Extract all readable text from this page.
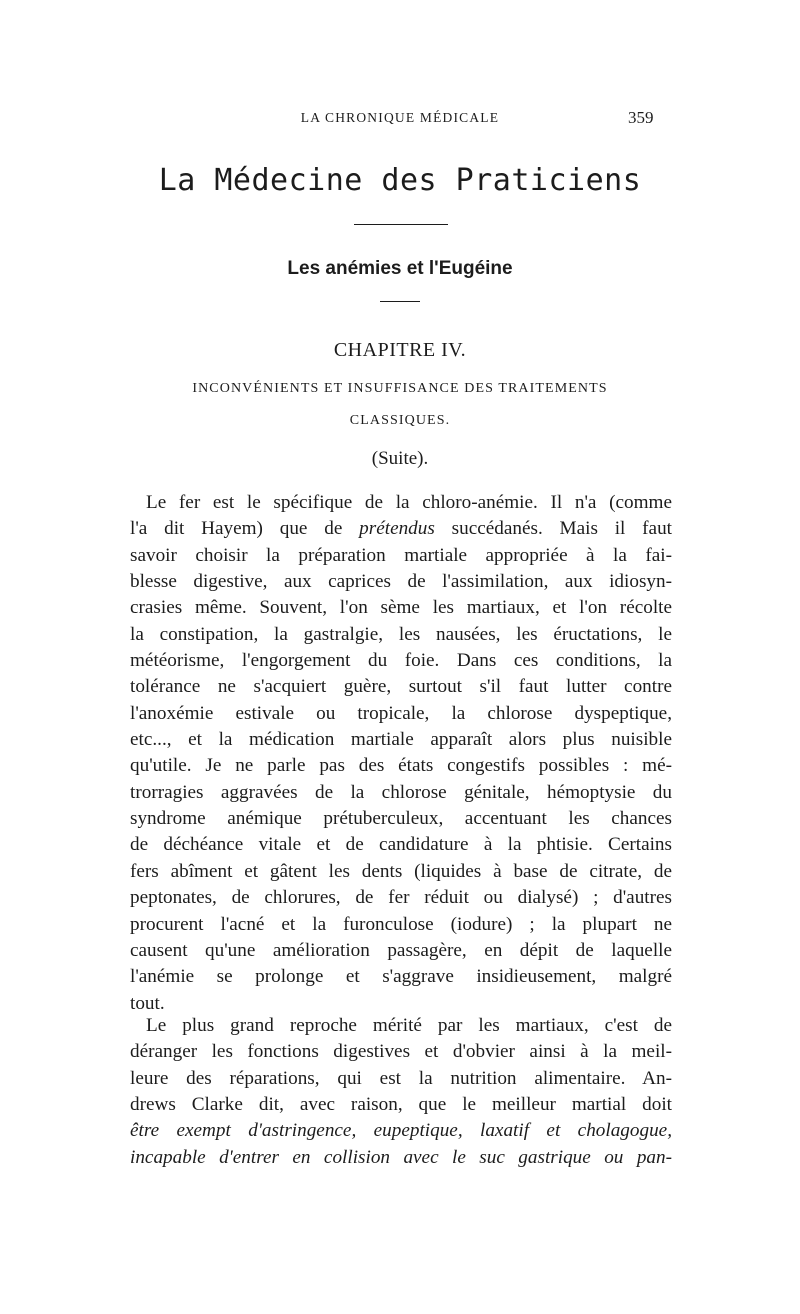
LA CHRONIQUE MÉDICALE	359
La Médecine des Praticiens
Les anémies et l'Eugéine
CHAPITRE IV.
INCONVÉNIENTS ET INSUFFISANCE DES TRAITEMENTS
CLASSIQUES.
(Suite).
Le fer est le spécifique de la chloro-anémie. Il n'a (comme
l'a dit Hayem) que de prétendus succédanés. Mais il faut
savoir choisir la préparation martiale appropriée à la fai-
blesse digestive, aux caprices de l'assimilation, aux idiosyn-
crasies même. Souvent, l'on sème les martiaux, et l'on récolte
la constipation, la gastralgie, les nausées, les éructations, le
météorisme, l'engorgement du foie. Dans ces conditions, la
tolérance ne s'acquiert guère, surtout s'il faut lutter contre
l'anoxémie estivale ou tropicale, la chlorose dyspeptique,
etc..., et la médication martiale apparaît alors plus nuisible
qu'utile. Je ne parle pas des états congestifs possibles : mé-
trorragies aggravées de la chlorose génitale, hémoptysie du
syndrome anémique prétuberculeux, accentuant les chances
de déchéance vitale et de candidature à la phtisie. Certains
fers abîment et gâtent les dents (liquides à base de citrate, de
peptonates, de chlorures, de fer réduit ou dialysé) ; d'autres
procurent l'acné et la furonculose (iodure) ; la plupart ne
causent qu'une amélioration passagère, en dépit de laquelle
l'anémie se prolonge et s'aggrave insidieusement, malgré
tout.
Le plus grand reproche mérité par les martiaux, c'est de
déranger les fonctions digestives et d'obvier ainsi à la meil-
leure des réparations, qui est la nutrition alimentaire. An-
drews Clarke dit, avec raison, que le meilleur martial doit
être exempt d'astringence, eupeptique, laxatif et cholagogue,
incapable d'entrer en collision avec le suc gastrique ou pan-
